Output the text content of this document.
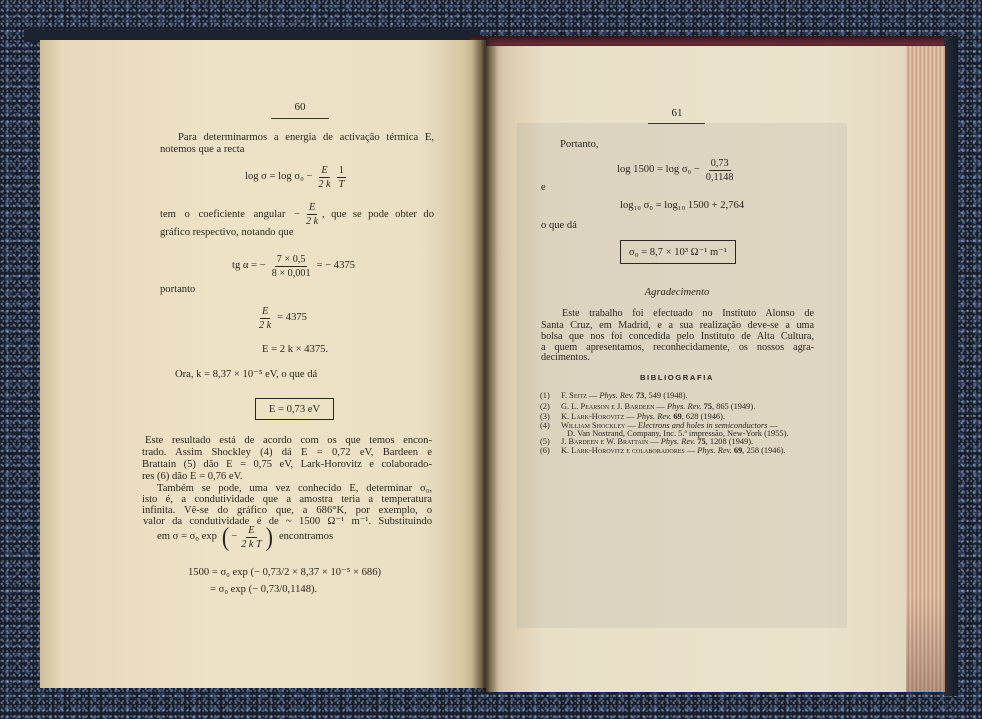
60
Para determinarmos a energia de activação térmica E,
notemos que a recta
$\log \sigma = \log \sigma_0 - \frac{E}{2 k} \frac{1}{T}$
tem o coeficiente angular − $\frac{E}{2 k}$ , que se pode obter do
gráfico respectivo, notando que
tg α = − $\frac{7 \times 0,5}{8 \times 0,001}$ = − 4375
portanto
$\frac{E}{2 k} = 4375$
E = 2 k × 4375.
Ora, k = 8,37 × 10⁻⁵ eV, o que dá
E = 0,73 eV
Este resultado está de acordo com os que temos encon-
trado. Assim Shockley (4) dá E = 0,72 eV, Bardeen e
Brattain (5) dão E = 0,75 eV, Lark-Horovitz e colaborado-
res (6) dão E = 0,76 eV.
Também se pode, uma vez conhecido E, determinar σ₀,
isto é, a condutividade que a amostra teria a temperatura
infinita. Vê-se do gráfico que, a 686°K, por exemplo, o
valor da condutividade é de ~ 1500 Ω⁻¹ m⁻¹. Substituindo
em σ = σ₀ exp ( − $\frac{E}{\text{2 k T}}$ ) encontramos
1500 = σ₀ exp (− 0,73/2 × 8,37 × 10⁻⁵ × 686)
= σ₀ exp (− 0,73/0,1148).
61
Portanto,
$\log 1500 = \log \sigma_0 - \frac{0,73}{0,1148}$
e
log₁₀ σ₀ = log₁₀ 1500 + 2,764
o que dá
σ₀ = 8,7 × 10³ Ω⁻¹ m⁻¹
Agradecimento
Este trabalho foi efectuado no Instituto Alonso de
Santa Cruz, em Madrid, e a sua realização deve-se a uma
bolsa que nos foi concedida pelo Instituto de Alta Cultura,
a quem apresentamos, reconhecidamente, os nossos agra-
decimentos.
BIBLIOGRAFIA
(1) F. Seitz — Phys. Rev. 73, 549 (1948).
(2) G. L. Pearson e J. Bardeen — Phys. Rev. 75, 865 (1949).
(3) K. Lark-Horovitz — Phys. Rev. 69, 628 (1946).
(4) William Shockley — Electrons and holes in semiconductors —
D. Van Nostrand, Company, Inc. 5.ª impressão, New-York (1955).
(5) J. Bardeen e W. Brattain — Phys. Rev. 75, 1208 (1949).
(6) K. Lark-Horovitz e colaboradores — Phys. Rev. 69, 258 (1946).
